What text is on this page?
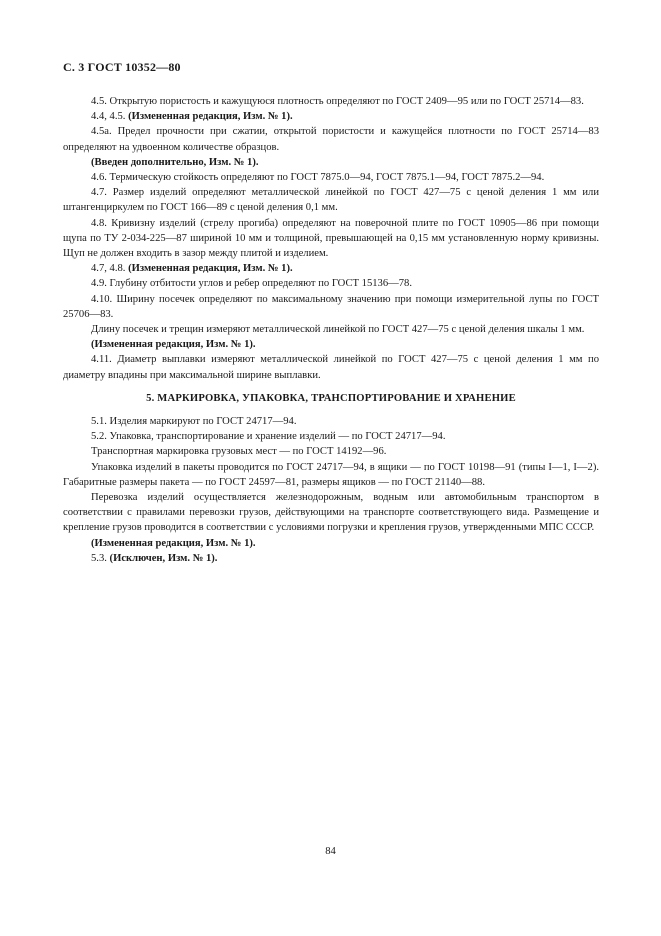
С. 3 ГОСТ 10352—80

4.5. Открытую пористость и кажущуюся плотность определяют по ГОСТ 2409—95 или по ГОСТ 25714—83.

4.4, 4.5. (Измененная редакция, Изм. № 1).

4.5а. Предел прочности при сжатии, открытой пористости и кажущейся плотности по ГОСТ 25714—83 определяют на удвоенном количестве образцов.

(Введен дополнительно, Изм. № 1).

4.6. Термическую стойкость определяют по ГОСТ 7875.0—94, ГОСТ 7875.1—94, ГОСТ 7875.2—94.

4.7. Размер изделий определяют металлической линейкой по ГОСТ 427—75 с ценой деления 1 мм или штангенциркулем по ГОСТ 166—89 с ценой деления 0,1 мм.

4.8. Кривизну изделий (стрелу прогиба) определяют на поверочной плите по ГОСТ 10905—86 при помощи щупа по ТУ 2-034-225—87 шириной 10 мм и толщиной, превышающей на 0,15 мм установленную норму кривизны. Щуп не должен входить в зазор между плитой и изделием.

4.7, 4.8. (Измененная редакция, Изм. № 1).

4.9. Глубину отбитости углов и ребер определяют по ГОСТ 15136—78.

4.10. Ширину посечек определяют по максимальному значению при помощи измерительной лупы по ГОСТ 25706—83.

Длину посечек и трещин измеряют металлической линейкой по ГОСТ 427—75 с ценой деления шкалы 1 мм.

(Измененная редакция, Изм. № 1).

4.11. Диаметр выплавки измеряют металлической линейкой по ГОСТ 427—75 с ценой деления 1 мм по диаметру впадины при максимальной ширине выплавки.

5. МАРКИРОВКА, УПАКОВКА, ТРАНСПОРТИРОВАНИЕ И ХРАНЕНИЕ

5.1. Изделия маркируют по ГОСТ 24717—94.

5.2. Упаковка, транспортирование и хранение изделий — по ГОСТ 24717—94.

Транспортная маркировка грузовых мест — по ГОСТ 14192—96.

Упаковка изделий в пакеты проводится по ГОСТ 24717—94, в ящики — по ГОСТ 10198—91 (типы I—1, I—2). Габаритные размеры пакета — по ГОСТ 24597—81, размеры ящиков — по ГОСТ 21140—88.

Перевозка изделий осуществляется железнодорожным, водным или автомобильным транспортом в соответствии с правилами перевозки грузов, действующими на транспорте соответствующего вида. Размещение и крепление грузов проводится в соответствии с условиями погрузки и крепления грузов, утвержденными МПС СССР.

(Измененная редакция, Изм. № 1).

5.3. (Исключен, Изм. № 1).

84
